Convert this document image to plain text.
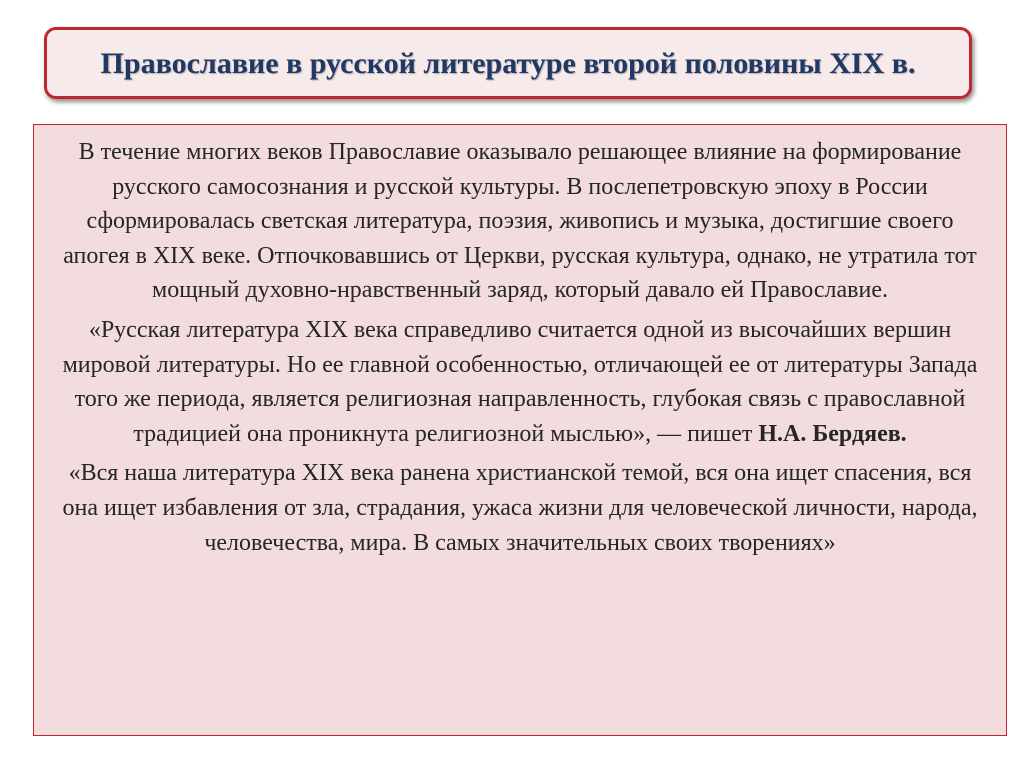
Православие в русской литературе второй половины XIX в.

В течение многих веков Православие оказывало решающее влияние на формирование русского самосознания и русской культуры. В послепетровскую эпоху в России сформировалась светская литература, поэзия, живопись и музыка, достигшие своего апогея в XIX веке. Отпочковавшись от Церкви, русская культура, однако, не утратила тот мощный духовно-нравственный заряд, который давало ей Православие.

«Русская литература XIX века справедливо считается одной из высочайших вершин мировой литературы. Но ее главной особенностью, отличающей ее от литературы Запада того же периода, является религиозная направленность, глубокая связь с православной традицией она проникнута религиозной мыслью», — пишет Н.А. Бердяев.

«Вся наша литература XIX века ранена христианской темой, вся она ищет спасения, вся она ищет избавления от зла, страдания, ужаса жизни для человеческой личности, народа, человечества, мира. В самых значительных своих творениях»
